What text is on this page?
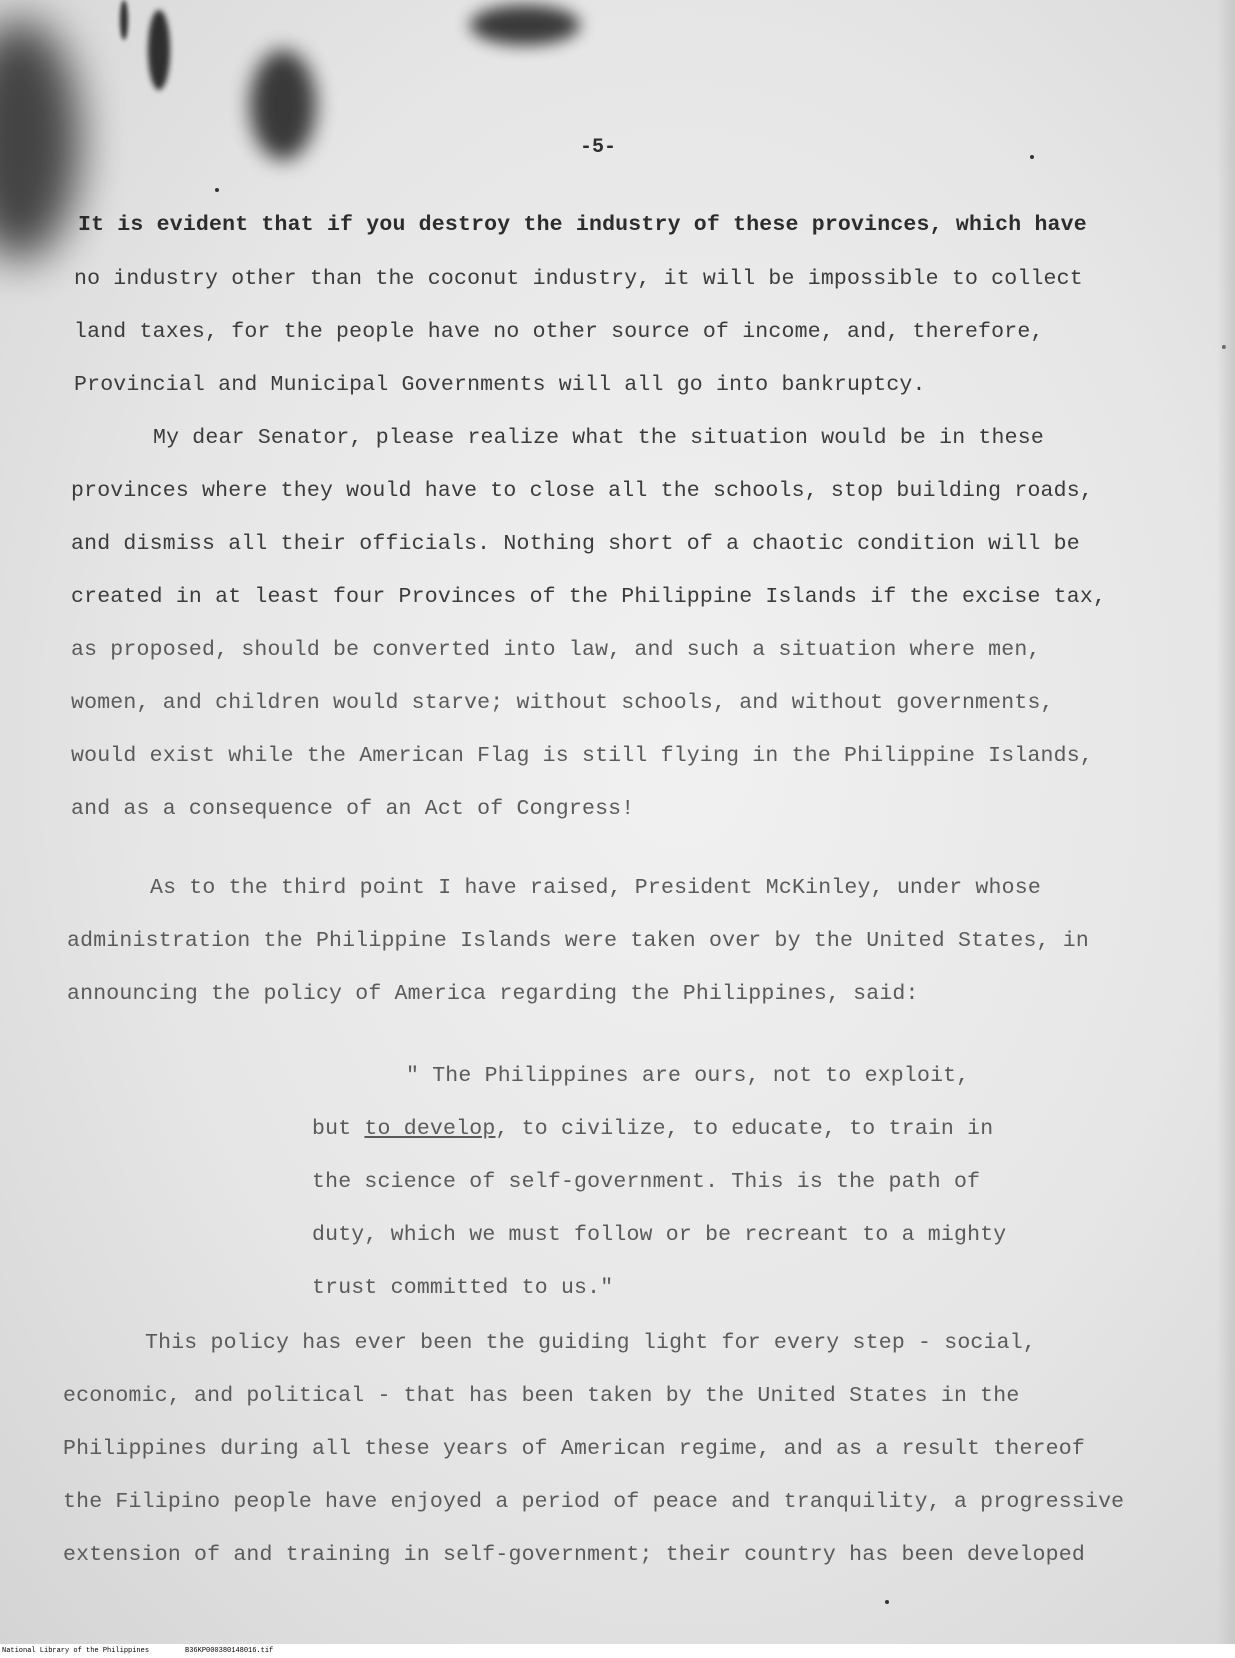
-5-
It is evident that if you destroy the industry of these provinces, which have
no industry other than the coconut industry, it will be impossible to collect
land taxes, for the people have no other source of income, and, therefore,
Provincial and Municipal Governments will all go into bankruptcy.
My dear Senator, please realize what the situation would be in these
provinces where they would have to close all the schools, stop building roads,
and dismiss all their officials. Nothing short of a chaotic condition will be
created in at least four Provinces of the Philippine Islands if the excise tax,
as proposed, should be converted into law, and such a situation where men,
women, and children would starve; without schools, and without governments,
would exist while the American Flag is still flying in the Philippine Islands,
and as a consequence of an Act of Congress!
As to the third point I have raised, President McKinley, under whose
administration the Philippine Islands were taken over by the United States, in
announcing the policy of America regarding the Philippines, said:
" The Philippines are ours, not to exploit,
but to develop, to civilize, to educate, to train in
the science of self-government. This is the path of
duty, which we must follow or be recreant to a mighty
trust committed to us."
This policy has ever been the guiding light for every step - social,
economic, and political - that has been taken by the United States in the
Philippines during all these years of American regime, and as a result thereof
the Filipino people have enjoyed a period of peace and tranquility, a progressive
extension of and training in self-government; their country has been developed
National Library of the Philippines	B36KP000380148016.tif
